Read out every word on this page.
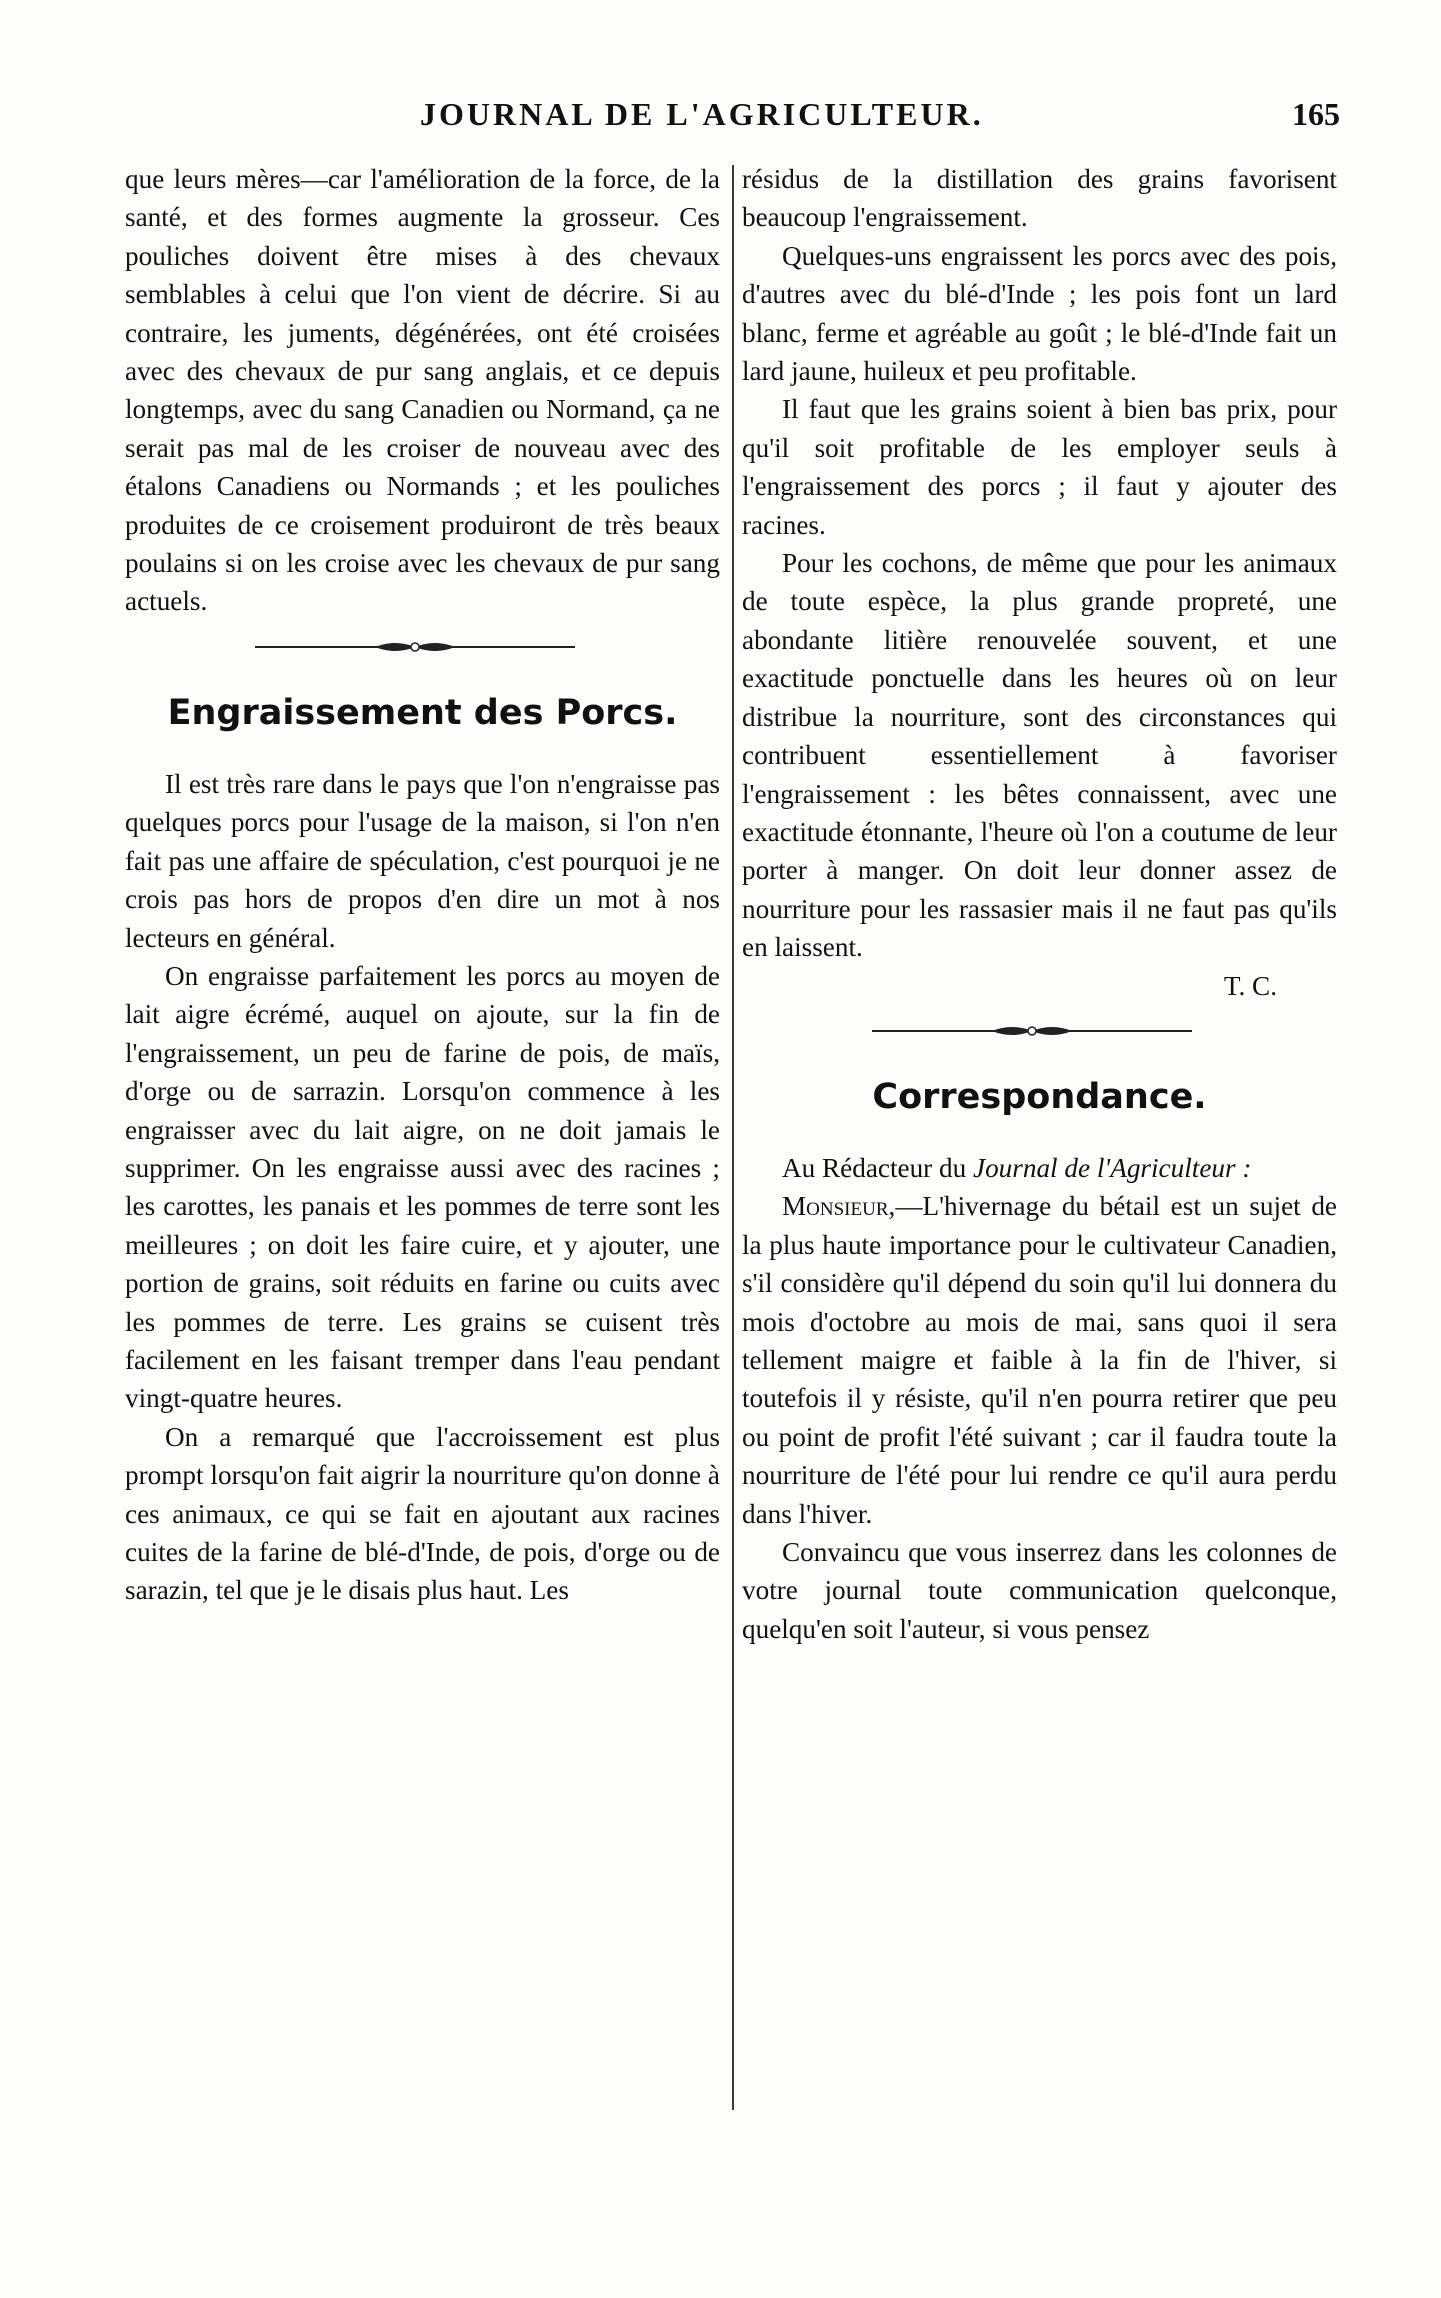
JOURNAL DE L'AGRICULTEUR.	165

que leurs mères—car l'amélioration de la force, de la santé, et des formes augmente la grosseur. Ces pouliches doivent être mises à des chevaux semblables à celui que l'on vient de décrire. Si au contraire, les juments, dégénérées, ont été croisées avec des chevaux de pur sang anglais, et ce depuis longtemps, avec du sang Canadien ou Normand, ça ne serait pas mal de les croiser de nouveau avec des étalons Canadiens ou Normands ; et les pouliches produites de ce croisement produiront de très beaux poulains si on les croise avec les chevaux de pur sang actuels.

Engraissement des Porcs.

Il est très rare dans le pays que l'on n'engraisse pas quelques porcs pour l'usage de la maison, si l'on n'en fait pas une affaire de spéculation, c'est pourquoi je ne crois pas hors de propos d'en dire un mot à nos lecteurs en général.

On engraisse parfaitement les porcs au moyen de lait aigre écrémé, auquel on ajoute, sur la fin de l'engraissement, un peu de farine de pois, de maïs, d'orge ou de sarrazin. Lorsqu'on commence à les engraisser avec du lait aigre, on ne doit jamais le supprimer. On les engraisse aussi avec des racines ; les carottes, les panais et les pommes de terre sont les meilleures ; on doit les faire cuire, et y ajouter, une portion de grains, soit réduits en farine ou cuits avec les pommes de terre. Les grains se cuisent très facilement en les faisant tremper dans l'eau pendant vingt-quatre heures.

On a remarqué que l'accroissement est plus prompt lorsqu'on fait aigrir la nourriture qu'on donne à ces animaux, ce qui se fait en ajoutant aux racines cuites de la farine de blé-d'Inde, de pois, d'orge ou de sarazin, tel que je le disais plus haut. Les

résidus de la distillation des grains favorisent beaucoup l'engraissement.

Quelques-uns engraissent les porcs avec des pois, d'autres avec du blé-d'Inde ; les pois font un lard blanc, ferme et agréable au goût ; le blé-d'Inde fait un lard jaune, huileux et peu profitable.

Il faut que les grains soient à bien bas prix, pour qu'il soit profitable de les employer seuls à l'engraissement des porcs ; il faut y ajouter des racines.

Pour les cochons, de même que pour les animaux de toute espèce, la plus grande propreté, une abondante litière renouvelée souvent, et une exactitude ponctuelle dans les heures où on leur distribue la nourriture, sont des circonstances qui contribuent essentiellement à favoriser l'engraissement : les bêtes connaissent, avec une exactitude étonnante, l'heure où l'on a coutume de leur porter à manger. On doit leur donner assez de nourriture pour les rassasier mais il ne faut pas qu'ils en laissent.

T. C.

Correspondance.

Au Rédacteur du Journal de l'Agriculteur :

Monsieur,—L'hivernage du bétail est un sujet de la plus haute importance pour le cultivateur Canadien, s'il considère qu'il dépend du soin qu'il lui donnera du mois d'octobre au mois de mai, sans quoi il sera tellement maigre et faible à la fin de l'hiver, si toutefois il y résiste, qu'il n'en pourra retirer que peu ou point de profit l'été suivant ; car il faudra toute la nourriture de l'été pour lui rendre ce qu'il aura perdu dans l'hiver.

Convaincu que vous inserrez dans les colonnes de votre journal toute communication quelconque, quelqu'en soit l'auteur, si vous pensez
